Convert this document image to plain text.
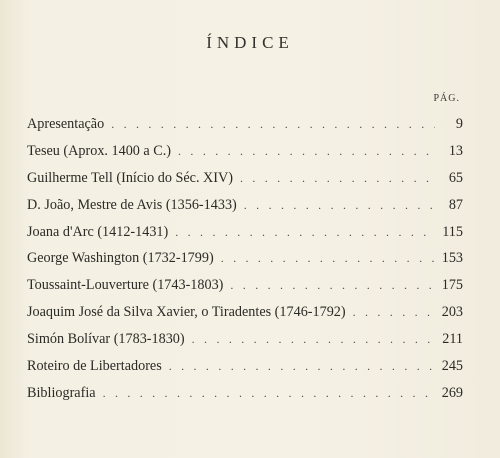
ÍNDICE
PÁG.
Apresentação . . .	9
Teseu (Aprox. 1400 a C.) . . .	13
Guilherme Tell (Início do Séc. XIV) . . .	65
D. João, Mestre de Avis (1356-1433) . . .	87
Joana d'Arc (1412-1431) . . .	115
George Washington (1732-1799) . . .	153
Toussaint-Louverture (1743-1803) . . .	175
Joaquim José da Silva Xavier, o Tiradentes (1746-1792) . . .	203
Simón Bolívar (1783-1830) . . .	211
Roteiro de Libertadores . . .	245
Bibliografia . . .	269
